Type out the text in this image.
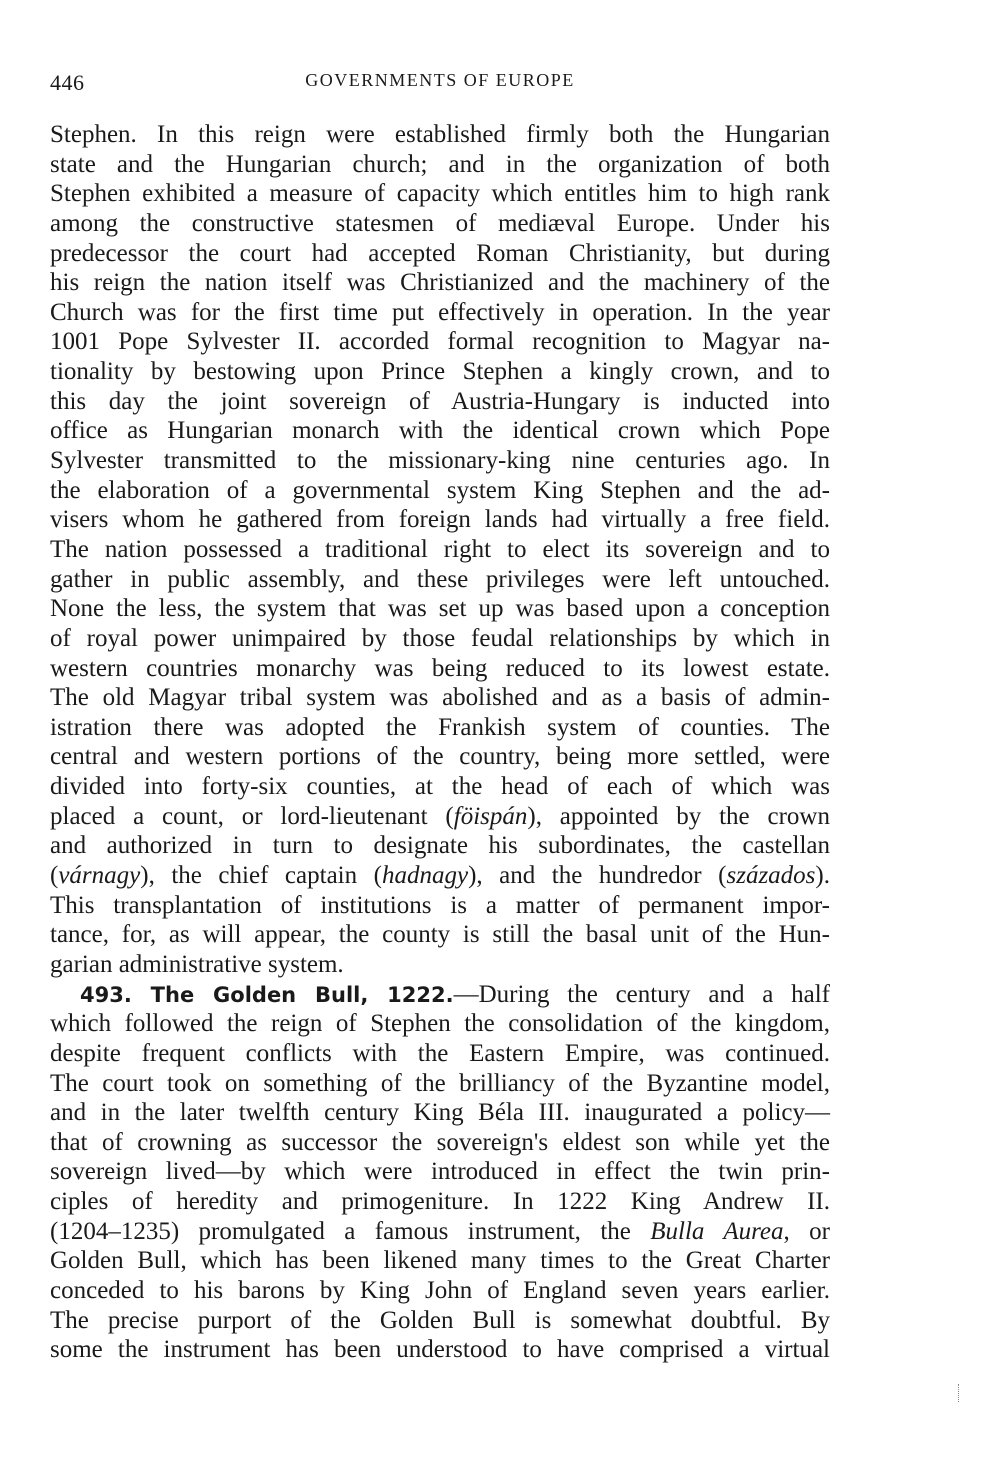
446	GOVERNMENTS OF EUROPE

Stephen. In this reign were established firmly both the Hungarian
state and the Hungarian church; and in the organization of both
Stephen exhibited a measure of capacity which entitles him to high rank
among the constructive statesmen of mediæval Europe. Under his
predecessor the court had accepted Roman Christianity, but during
his reign the nation itself was Christianized and the machinery of the
Church was for the first time put effectively in operation. In the year
1001 Pope Sylvester II. accorded formal recognition to Magyar na-
tionality by bestowing upon Prince Stephen a kingly crown, and to
this day the joint sovereign of Austria-Hungary is inducted into
office as Hungarian monarch with the identical crown which Pope
Sylvester transmitted to the missionary-king nine centuries ago. In
the elaboration of a governmental system King Stephen and the ad-
visers whom he gathered from foreign lands had virtually a free field.
The nation possessed a traditional right to elect its sovereign and to
gather in public assembly, and these privileges were left untouched.
None the less, the system that was set up was based upon a conception
of royal power unimpaired by those feudal relationships by which in
western countries monarchy was being reduced to its lowest estate.
The old Magyar tribal system was abolished and as a basis of admin-
istration there was adopted the Frankish system of counties. The
central and western portions of the country, being more settled, were
divided into forty-six counties, at the head of each of which was
placed a count, or lord-lieutenant (föispán), appointed by the crown
and authorized in turn to designate his subordinates, the castellan
(várnagy), the chief captain (hadnagy), and the hundredor (százados).
This transplantation of institutions is a matter of permanent impor-
tance, for, as will appear, the county is still the basal unit of the Hun-
garian administrative system.

493. The Golden Bull, 1222.—During the century and a half
which followed the reign of Stephen the consolidation of the kingdom,
despite frequent conflicts with the Eastern Empire, was continued.
The court took on something of the brilliancy of the Byzantine model,
and in the later twelfth century King Béla III. inaugurated a policy—
that of crowning as successor the sovereign's eldest son while yet the
sovereign lived—by which were introduced in effect the twin prin-
ciples of heredity and primogeniture. In 1222 King Andrew II.
(1204–1235) promulgated a famous instrument, the Bulla Aurea, or
Golden Bull, which has been likened many times to the Great Charter
conceded to his barons by King John of England seven years earlier.
The precise purport of the Golden Bull is somewhat doubtful. By
some the instrument has been understood to have comprised a virtual
